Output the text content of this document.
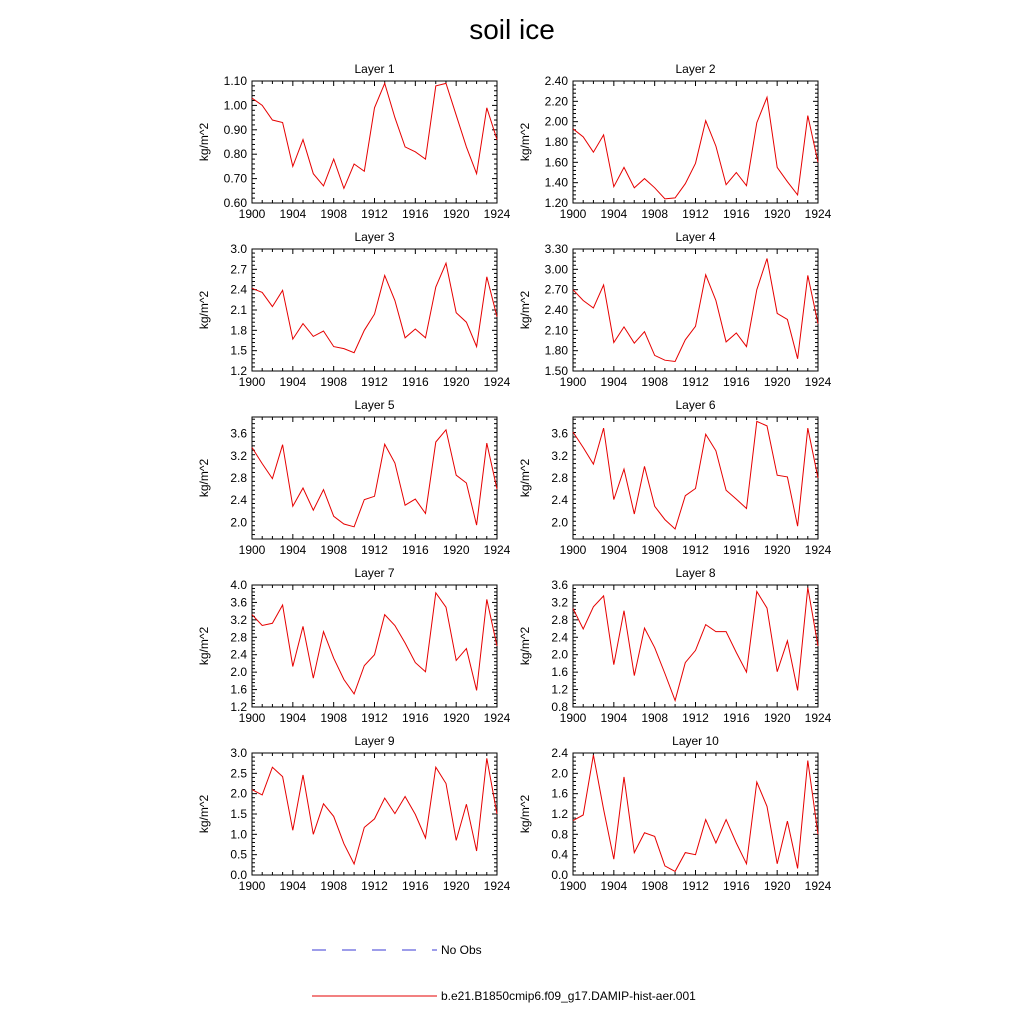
soil ice
Layer 1
kg/m^2
1900 1904 1908 1912 1916 1920 1924
0.60
0.70
0.80
0.90
1.00
1.10
Layer 2
kg/m^2
1900 1904 1908 1912 1916 1920 1924
1.20
1.40
1.60
1.80
2.00
2.20
2.40
Layer 3
kg/m^2
1900 1904 1908 1912 1916 1920 1924
1.2
1.5
1.8
2.1
2.4
2.7
3.0
Layer 4
kg/m^2
1900 1904 1908 1912 1916 1920 1924
1.50
1.80
2.10
2.40
2.70
3.00
3.30
Layer 5
kg/m^2
1900 1904 1908 1912 1916 1920 1924
2.0
2.4
2.8
3.2
3.6
Layer 6
kg/m^2
1900 1904 1908 1912 1916 1920 1924
2.0
2.4
2.8
3.2
3.6
Layer 7
kg/m^2
1900 1904 1908 1912 1916 1920 1924
1.2
1.6
2.0
2.4
2.8
3.2
3.6
4.0
Layer 8
kg/m^2
1900 1904 1908 1912 1916 1920 1924
0.8
1.2
1.6
2.0
2.4
2.8
3.2
3.6
Layer 9
kg/m^2
1900 1904 1908 1912 1916 1920 1924
0.0
0.5
1.0
1.5
2.0
2.5
3.0
Layer 10
kg/m^2
1900 1904 1908 1912 1916 1920 1924
0.0
0.4
0.8
1.2
1.6
2.0
2.4
No Obs
b.e21.B1850cmip6.f09_g17.DAMIP-hist-aer.001
